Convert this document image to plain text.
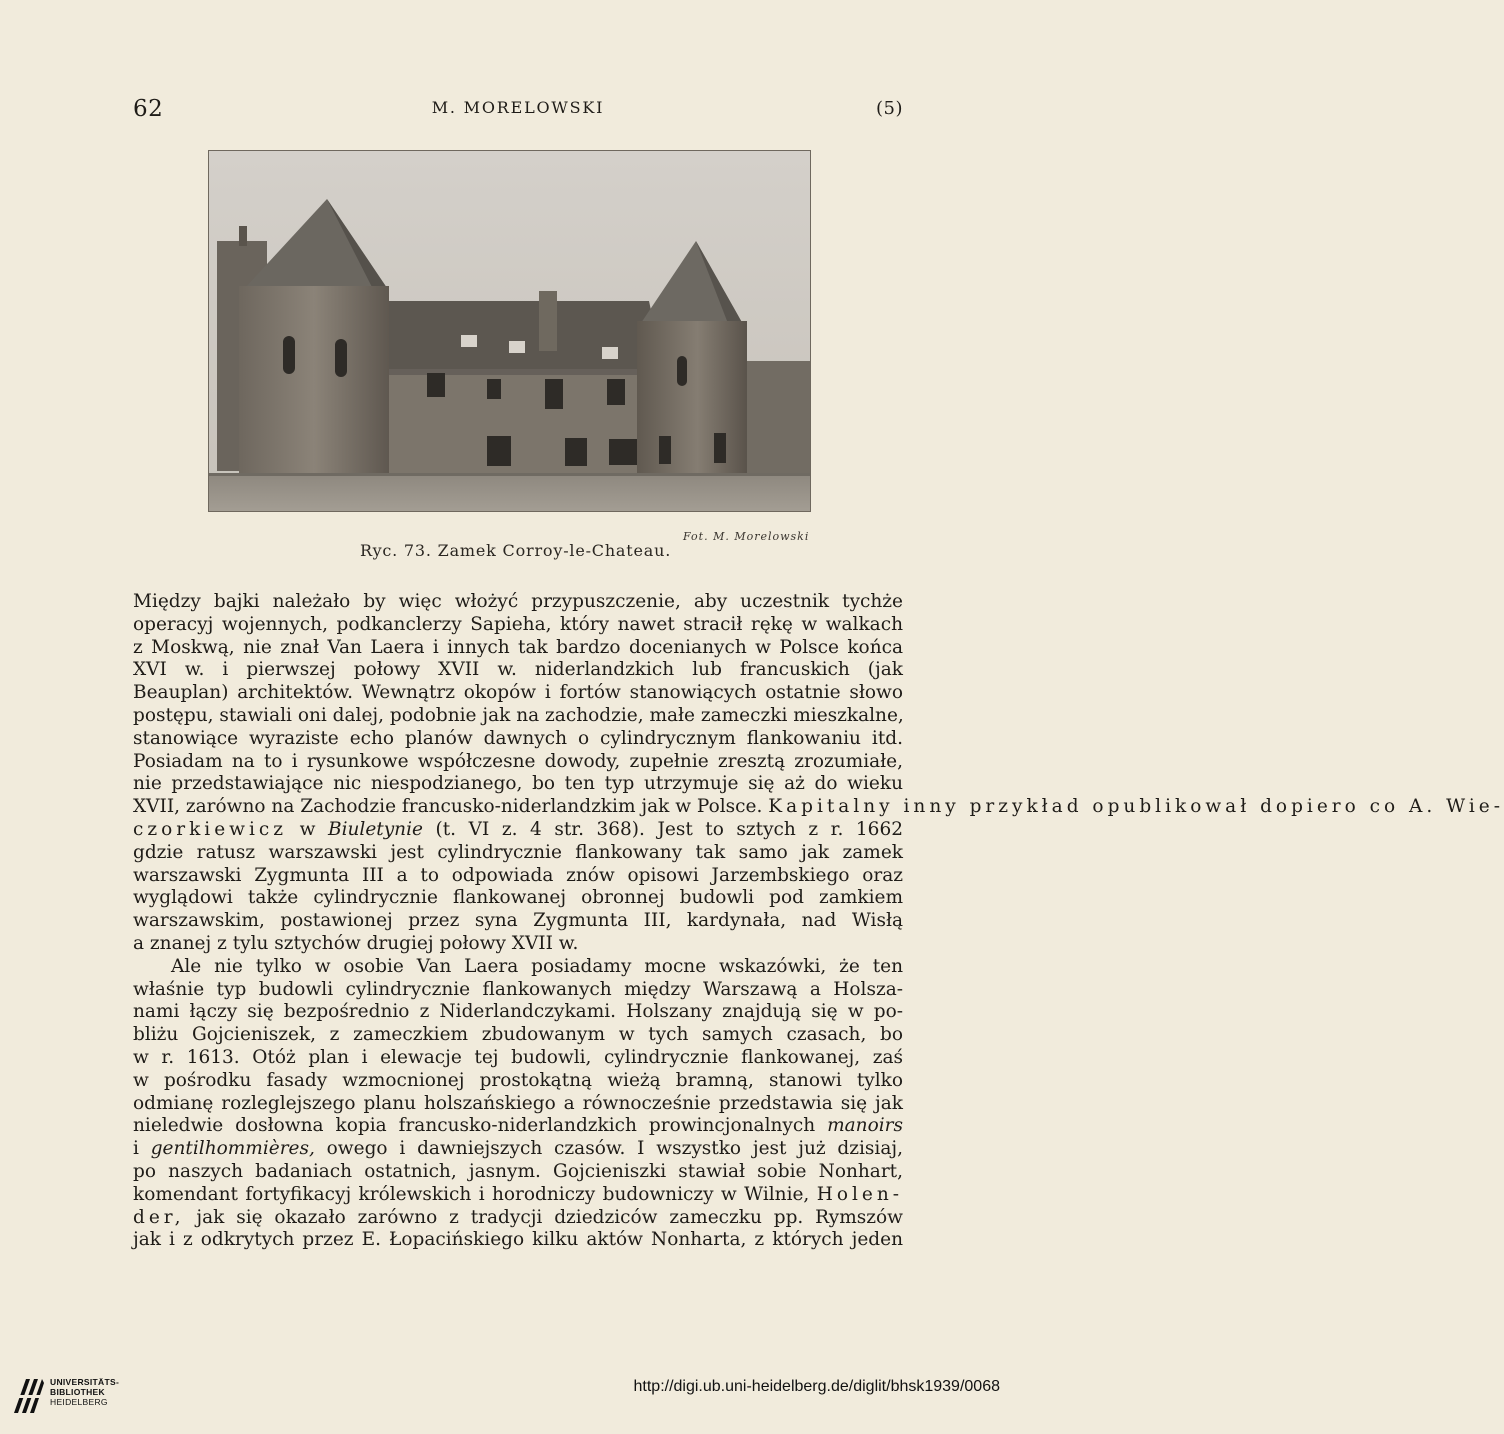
62	M. MORELOWSKI	(5)
Fot. M. Morelowski
Ryc. 73. Zamek Corroy-le-Chateau.
Między bajki należało by więc włożyć przypuszczenie, aby uczestnik tychże
operacyj wojennych, podkanclerzy Sapieha, który nawet stracił rękę w walkach
z Moskwą, nie znał Van Laera i innych tak bardzo docenianych w Polsce końca
XVI w. i pierwszej połowy XVII w. niderlandzkich lub francuskich (jak
Beauplan) architektów. Wewnątrz okopów i fortów stanowiących ostatnie słowo
postępu, stawiali oni dalej, podobnie jak na zachodzie, małe zameczki mieszkalne,
stanowiące wyraziste echo planów dawnych o cylindrycznym flankowaniu itd.
Posiadam na to i rysunkowe współczesne dowody, zupełnie zresztą zrozumiałe,
nie przedstawiające nic niespodzianego, bo ten typ utrzymuje się aż do wieku
XVII, zarówno na Zachodzie francusko-niderlandzkim jak w Polsce. Kapitalny inny przykład opublikował dopiero co A. Wie-
czorkiewicz w Biuletynie (t. VI z. 4 str. 368). Jest to sztych z r. 1662
gdzie ratusz warszawski jest cylindrycznie flankowany tak samo jak zamek
warszawski Zygmunta III a to odpowiada znów opisowi Jarzembskiego oraz
wyglądowi także cylindrycznie flankowanej obronnej budowli pod zamkiem
warszawskim, postawionej przez syna Zygmunta III, kardynała, nad Wisłą
a znanej z tylu sztychów drugiej połowy XVII w.
Ale nie tylko w osobie Van Laera posiadamy mocne wskazówki, że ten
właśnie typ budowli cylindrycznie flankowanych między Warszawą a Holsza-
nami łączy się bezpośrednio z Niderlandczykami. Holszany znajdują się w po-
bliżu Gojcieniszek, z zameczkiem zbudowanym w tych samych czasach, bo
w r. 1613. Otóż plan i elewacje tej budowli, cylindrycznie flankowanej, zaś
w pośrodku fasady wzmocnionej prostokątną wieżą bramną, stanowi tylko
odmianę rozleglejszego planu holszańskiego a równocześnie przedstawia się jak
nieledwie dosłowna kopia francusko-niderlandzkich prowincjonalnych manoirs
i gentilhommières, owego i dawniejszych czasów. I wszystko jest już dzisiaj,
po naszych badaniach ostatnich, jasnym. Gojcieniszki stawiał sobie Nonhart,
komendant fortyfikacyj królewskich i horodniczy budowniczy w Wilnie, Holen-
der, jak się okazało zarówno z tradycji dziedziców zameczku pp. Rymszów
jak i z odkrytych przez E. Łopacińskiego kilku aktów Nonharta, z których jeden
UNIVERSITÄTS-
BIBLIOTHEK
HEIDELBERG
http://digi.ub.uni-heidelberg.de/diglit/bhsk1939/0068
